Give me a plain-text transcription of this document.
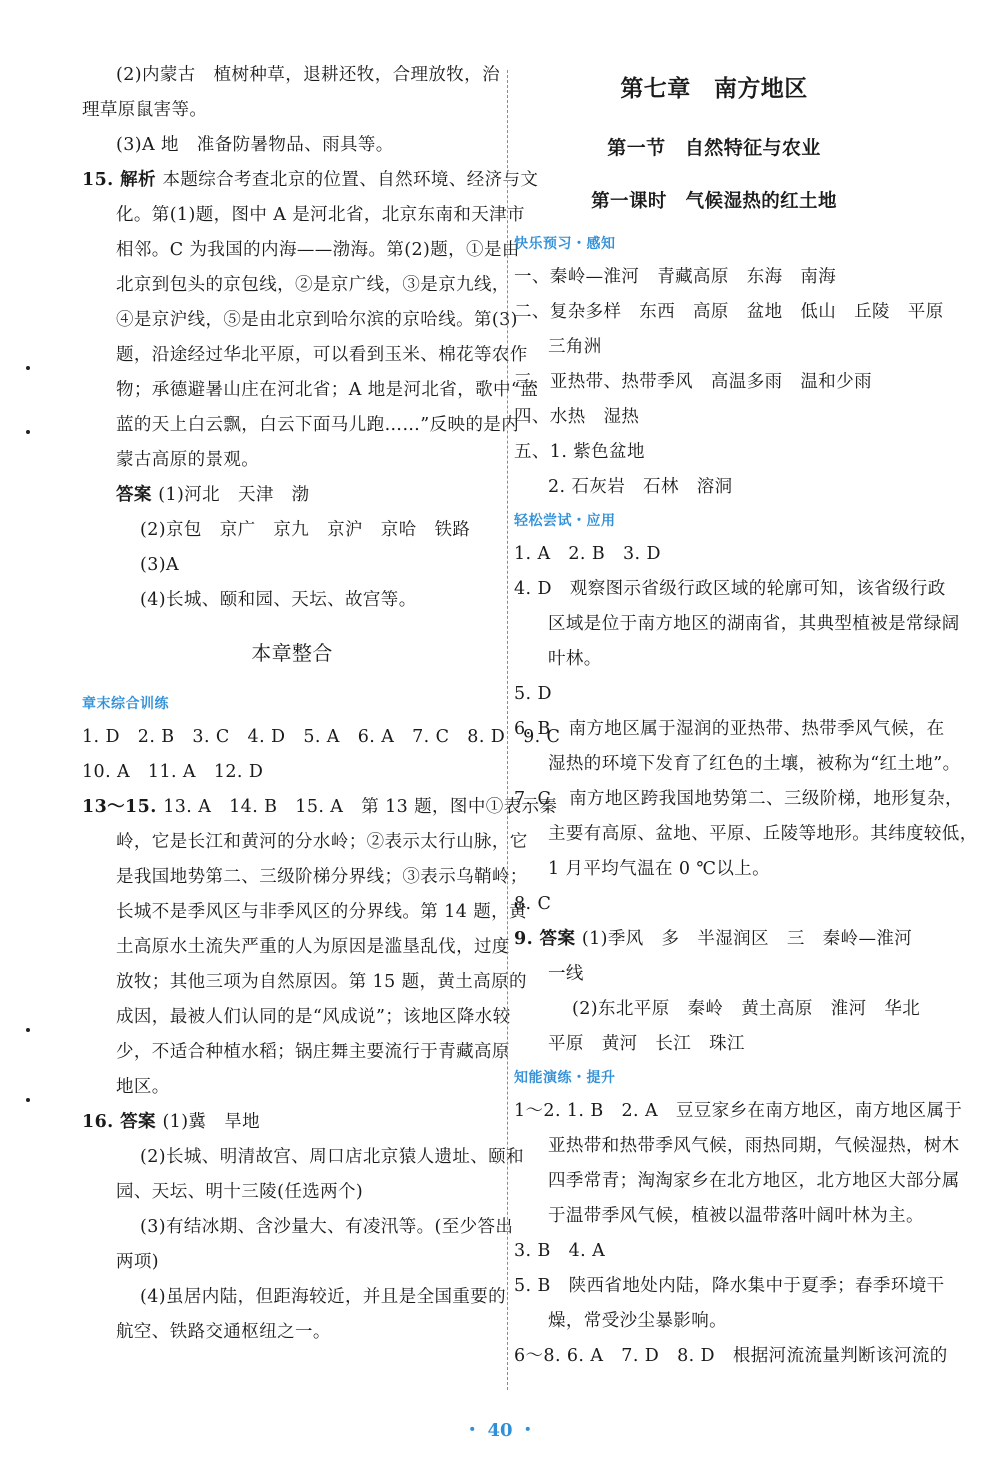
(2)内蒙古　植树种草，退耕还牧，合理放牧，治
理草原鼠害等。
(3)A 地　准备防暑物品、雨具等。
15. 解析 本题综合考查北京的位置、自然环境、经济与文
化。第(1)题，图中 A 是河北省，北京东南和天津市
相邻。C 为我国的内海——渤海。第(2)题，①是由
北京到包头的京包线，②是京广线，③是京九线，
④是京沪线，⑤是由北京到哈尔滨的京哈线。第(3)
题，沿途经过华北平原，可以看到玉米、棉花等农作
物；承德避暑山庄在河北省；A 地是河北省，歌中“蓝
蓝的天上白云飘，白云下面马儿跑……”反映的是内
蒙古高原的景观。
答案 (1)河北　天津　渤
(2)京包　京广　京九　京沪　京哈　铁路
(3)A
(4)长城、颐和园、天坛、故宫等。
本章整合
章末综合训练
1. D　2. B　3. C　4. D　5. A　6. A　7. C　8. D　9. C
10. A　11. A　12. D
13～15. 13. A　14. B　15. A　第 13 题，图中①表示秦
岭，它是长江和黄河的分水岭；②表示太行山脉，它
是我国地势第二、三级阶梯分界线；③表示乌鞘岭；
长城不是季风区与非季风区的分界线。第 14 题，黄
土高原水土流失严重的人为原因是滥垦乱伐，过度
放牧；其他三项为自然原因。第 15 题，黄土高原的
成因，最被人们认同的是“风成说”；该地区降水较
少，不适合种植水稻；锅庄舞主要流行于青藏高原
地区。
16. 答案 (1)冀　旱地
(2)长城、明清故宫、周口店北京猿人遗址、颐和
园、天坛、明十三陵(任选两个)
(3)有结冰期、含沙量大、有凌汛等。(至少答出
两项)
(4)虽居内陆，但距海较近，并且是全国重要的
航空、铁路交通枢纽之一。
第七章　南方地区
第一节　自然特征与农业
第一课时　气候湿热的红土地
快乐预习・感知
一、秦岭—淮河　青藏高原　东海　南海
二、复杂多样　东西　高原　盆地　低山　丘陵　平原
三角洲
三、亚热带、热带季风　高温多雨　温和少雨
四、水热　湿热
五、1. 紫色盆地
2. 石灰岩　石林　溶洞
轻松尝试・应用
1. A　2. B　3. D
4. D　观察图示省级行政区域的轮廓可知，该省级行政
区域是位于南方地区的湖南省，其典型植被是常绿阔
叶林。
5. D
6. B　南方地区属于湿润的亚热带、热带季风气候，在
湿热的环境下发育了红色的土壤，被称为“红土地”。
7. C　南方地区跨我国地势第二、三级阶梯，地形复杂，
主要有高原、盆地、平原、丘陵等地形。其纬度较低，
1 月平均气温在 0 ℃以上。
8. C
9. 答案 (1)季风　多　半湿润区　三　秦岭—淮河
一线
(2)东北平原　秦岭　黄土高原　淮河　华北
平原　黄河　长江　珠江
知能演练・提升
1～2. 1. B　2. A　豆豆家乡在南方地区，南方地区属于
亚热带和热带季风气候，雨热同期，气候湿热，树木
四季常青；淘淘家乡在北方地区，北方地区大部分属
于温带季风气候，植被以温带落叶阔叶林为主。
3. B　4. A
5. B　陕西省地处内陆，降水集中于夏季；春季环境干
燥，常受沙尘暴影响。
6～8. 6. A　7. D　8. D　根据河流流量判断该河流的
・ 40 ・
